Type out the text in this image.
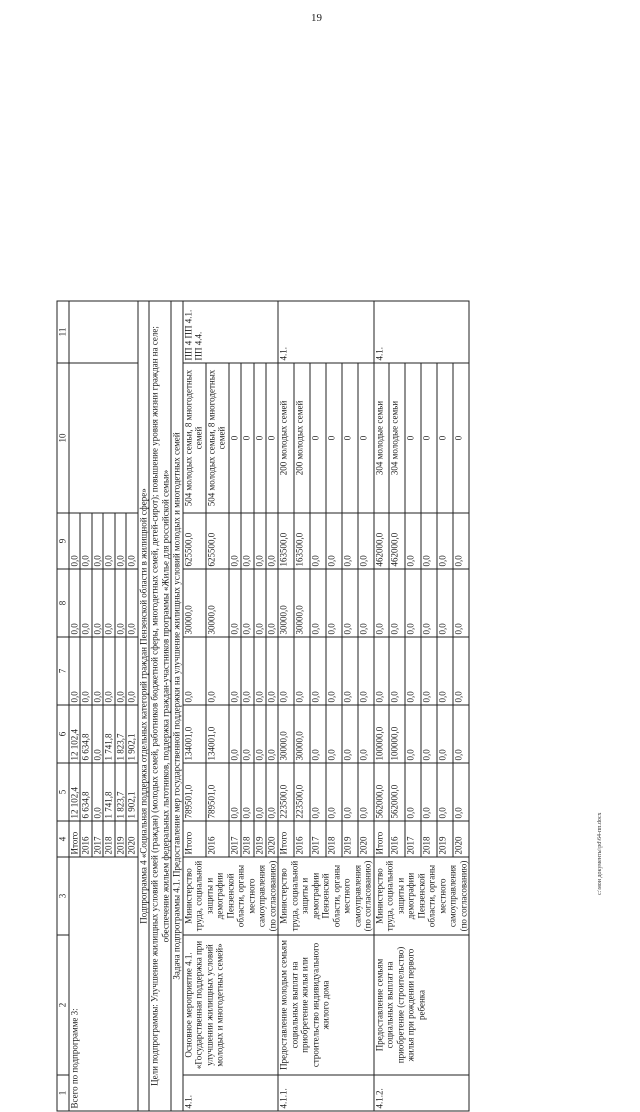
19
1	2	3	4	5	6	7	8	9	10	11
Всего по подпрограмме 3:			Итого	12 102,4	12 102,4	0,0	0,0	0,0		
			2016	6 634,8	6 634,8	0,0	0,0	0,0		
			2017	0,0	0,0	0,0	0,0	0,0		
			2018	1 741,8	1 741,8	0,0	0,0	0,0		
			2019	1 823,7	1 823,7	0,0	0,0	0,0		
			2020	1 902,1	1 902,1	0,0	0,0	0,0		
Подпрограмма 4 «Социальная поддержка отдельных категорий граждан Пензенской области в жилищной сфере»										
Цели подпрограммы: Улучшение жилищных условий семей (граждан) (молодых семей, работников бюджетной сферы, многодетных семей, детей-сирот); повышение уровня жизни граждан на селе; обеспечение жильем федеральных льготников, поддержка граждан-участников программы «Жилье для российской семьи»										
Задача подпрограммы 4.1. Предоставление мер государственной поддержки на улучшение жилищных условий молодых и многодетных семей										
4.1.	Основное мероприятие 4.1. «Государственная поддержка при улучшении жилищных условий молодых и многодетных семей»	Министерство труда, социальной защиты и демографии Пензенской области, органы местного самоуправления (по согласованию)	Итого	789501,0	134001,0	0,0	30000,0	625500,0	504 молодых семьи, 8 многодетных семей	ПП 4 ПП 4.1. ПП 4.4.
			2016	789501,0	134001,0	0,0	30000,0	625500,0	504 молодых семьи, 8 многодетных семей	
			2017	0,0	0,0	0,0	0,0	0,0	0	
			2018	0,0	0,0	0,0	0,0	0,0	0	
			2019	0,0	0,0	0,0	0,0	0,0	0	
			2020	0,0	0,0	0,0	0,0	0,0	0	
4.1.1.	Предоставление молодым семьям социальных выплат на приобретение жилья или строительство индивидуального жилого дома	Министерство труда, социальной защиты и демографии Пензенской области, органы местного самоуправления (по согласованию)	Итого	223500,0	30000,0	0,0	30000,0	163500,0	200 молодых семей	4.1.
			2016	223500,0	30000,0	0,0	30000,0	163500,0	200 молодых семей	
			2017	0,0	0,0	0,0	0,0	0,0	0	
			2018	0,0	0,0	0,0	0,0	0,0	0	
			2019	0,0	0,0	0,0	0,0	0,0	0	
			2020	0,0	0,0	0,0	0,0	0,0	0	
4.1.2.	Предоставление семьям социальных выплат на приобретение (строительство) жилья при рождении первого ребенка	Министерство труда, социальной защиты и демографии Пензенской области, органы местного самоуправления (по согласованию)	Итого	562000,0	100000,0	0,0	0,0	462000,0	304 молодые семьи	4.1.
			2016	562000,0	100000,0	0,0	0,0	462000,0	304 молодые семьи	
			2017	0,0	0,0	0,0	0,0	0,0	0	
			2018	0,0	0,0	0,0	0,0	0,0	0	
			2019	0,0	0,0	0,0	0,0	0,0	0	
			2020	0,0	0,0	0,0	0,0	0,0	0	
c:\мои документы\pd\64-пп.docx
